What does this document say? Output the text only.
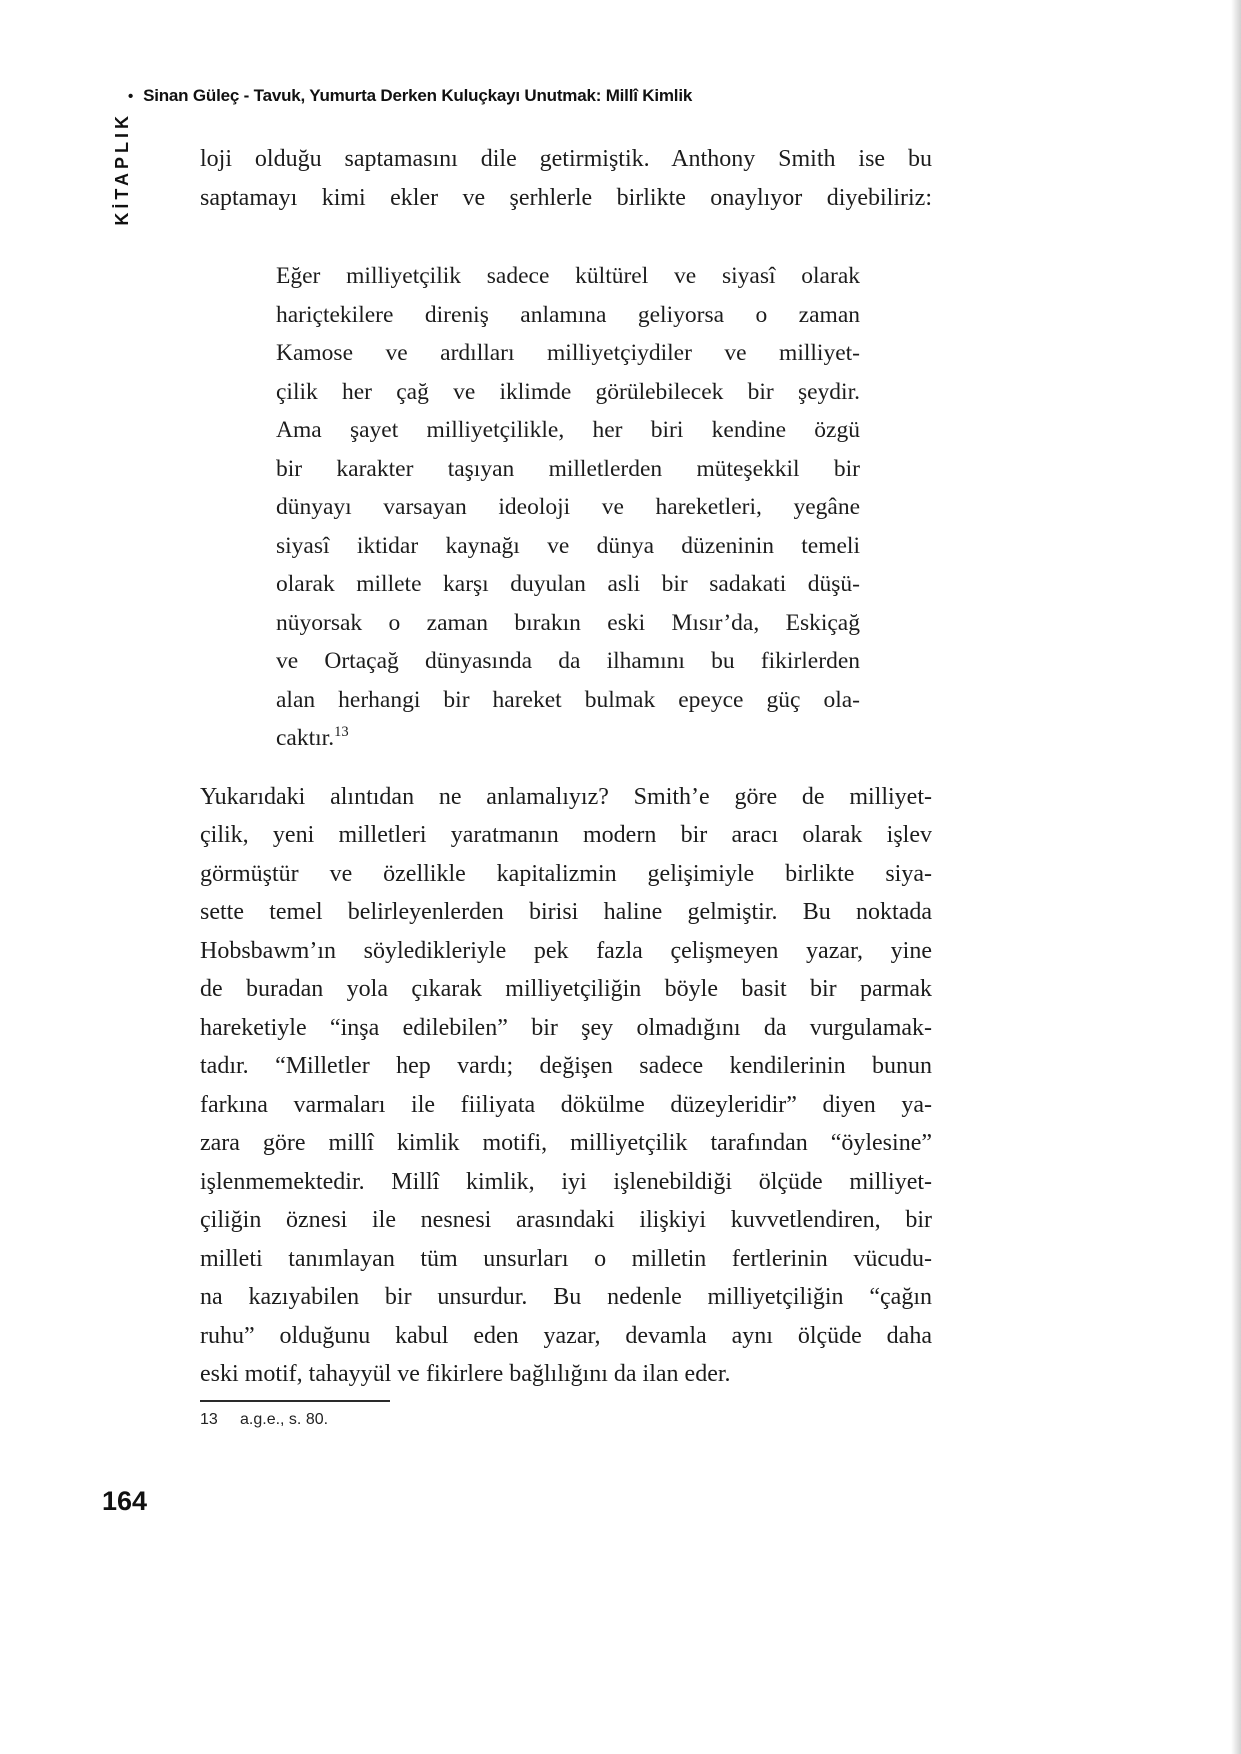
• Sinan Güleç - Tavuk, Yumurta Derken Kuluçkayı Unutmak: Millî Kimlik
KİTAPLIK	loji olduğu saptamasını dile getirmiştik. Anthony Smith ise bu
saptamayı kimi ekler ve şerhlerle birlikte onaylıyor diyebiliriz:
Eğer milliyetçilik sadece kültürel ve siyasî olarak
hariçtekilere direniş anlamına geliyorsa o zaman
Kamose ve ardılları milliyetçiydiler ve milliyet-
çilik her çağ ve iklimde görülebilecek bir şeydir.
Ama şayet milliyetçilikle, her biri kendine özgü
bir karakter taşıyan milletlerden müteşekkil bir
dünyayı varsayan ideoloji ve hareketleri, yegâne
siyasî iktidar kaynağı ve dünya düzeninin temeli
olarak millete karşı duyulan asli bir sadakati düşü-
nüyorsak o zaman bırakın eski Mısır’da, Eskiçağ
ve Ortaçağ dünyasında da ilhamını bu fikirlerden
alan herhangi bir hareket bulmak epeyce güç ola-
caktır.$^{13}$
Yukarıdaki alıntıdan ne anlamalıyız? Smith’e göre de milliyet-
çilik, yeni milletleri yaratmanın modern bir aracı olarak işlev
görmüştür ve özellikle kapitalizmin gelişimiyle birlikte siya-
sette temel belirleyenlerden birisi haline gelmiştir. Bu noktada
Hobsbawm’ın söyledikleriyle pek fazla çelişmeyen yazar, yine
de buradan yola çıkarak milliyetçiliğin böyle basit bir parmak
hareketiyle “inşa edilebilen” bir şey olmadığını da vurgulamak-
tadır. “Milletler hep vardı; değişen sadece kendilerinin bunun
farkına varmaları ile fiiliyata dökülme düzeyleridir” diyen ya-
zara göre millî kimlik motifi, milliyetçilik tarafından “öylesine”
işlenmemektedir. Millî kimlik, iyi işlenebildiği ölçüde milliyet-
çiliğin öznesi ile nesnesi arasındaki ilişkiyi kuvvetlendiren, bir
milleti tanımlayan tüm unsurları o milletin fertlerinin vücudu-
na kazıyabilen bir unsurdur. Bu nedenle milliyetçiliğin “çağın
ruhu” olduğunu kabul eden yazar, devamla aynı ölçüde daha
eski motif, tahayyül ve fikirlere bağlılığını da ilan eder.
13 a.g.e., s. 80.
164
